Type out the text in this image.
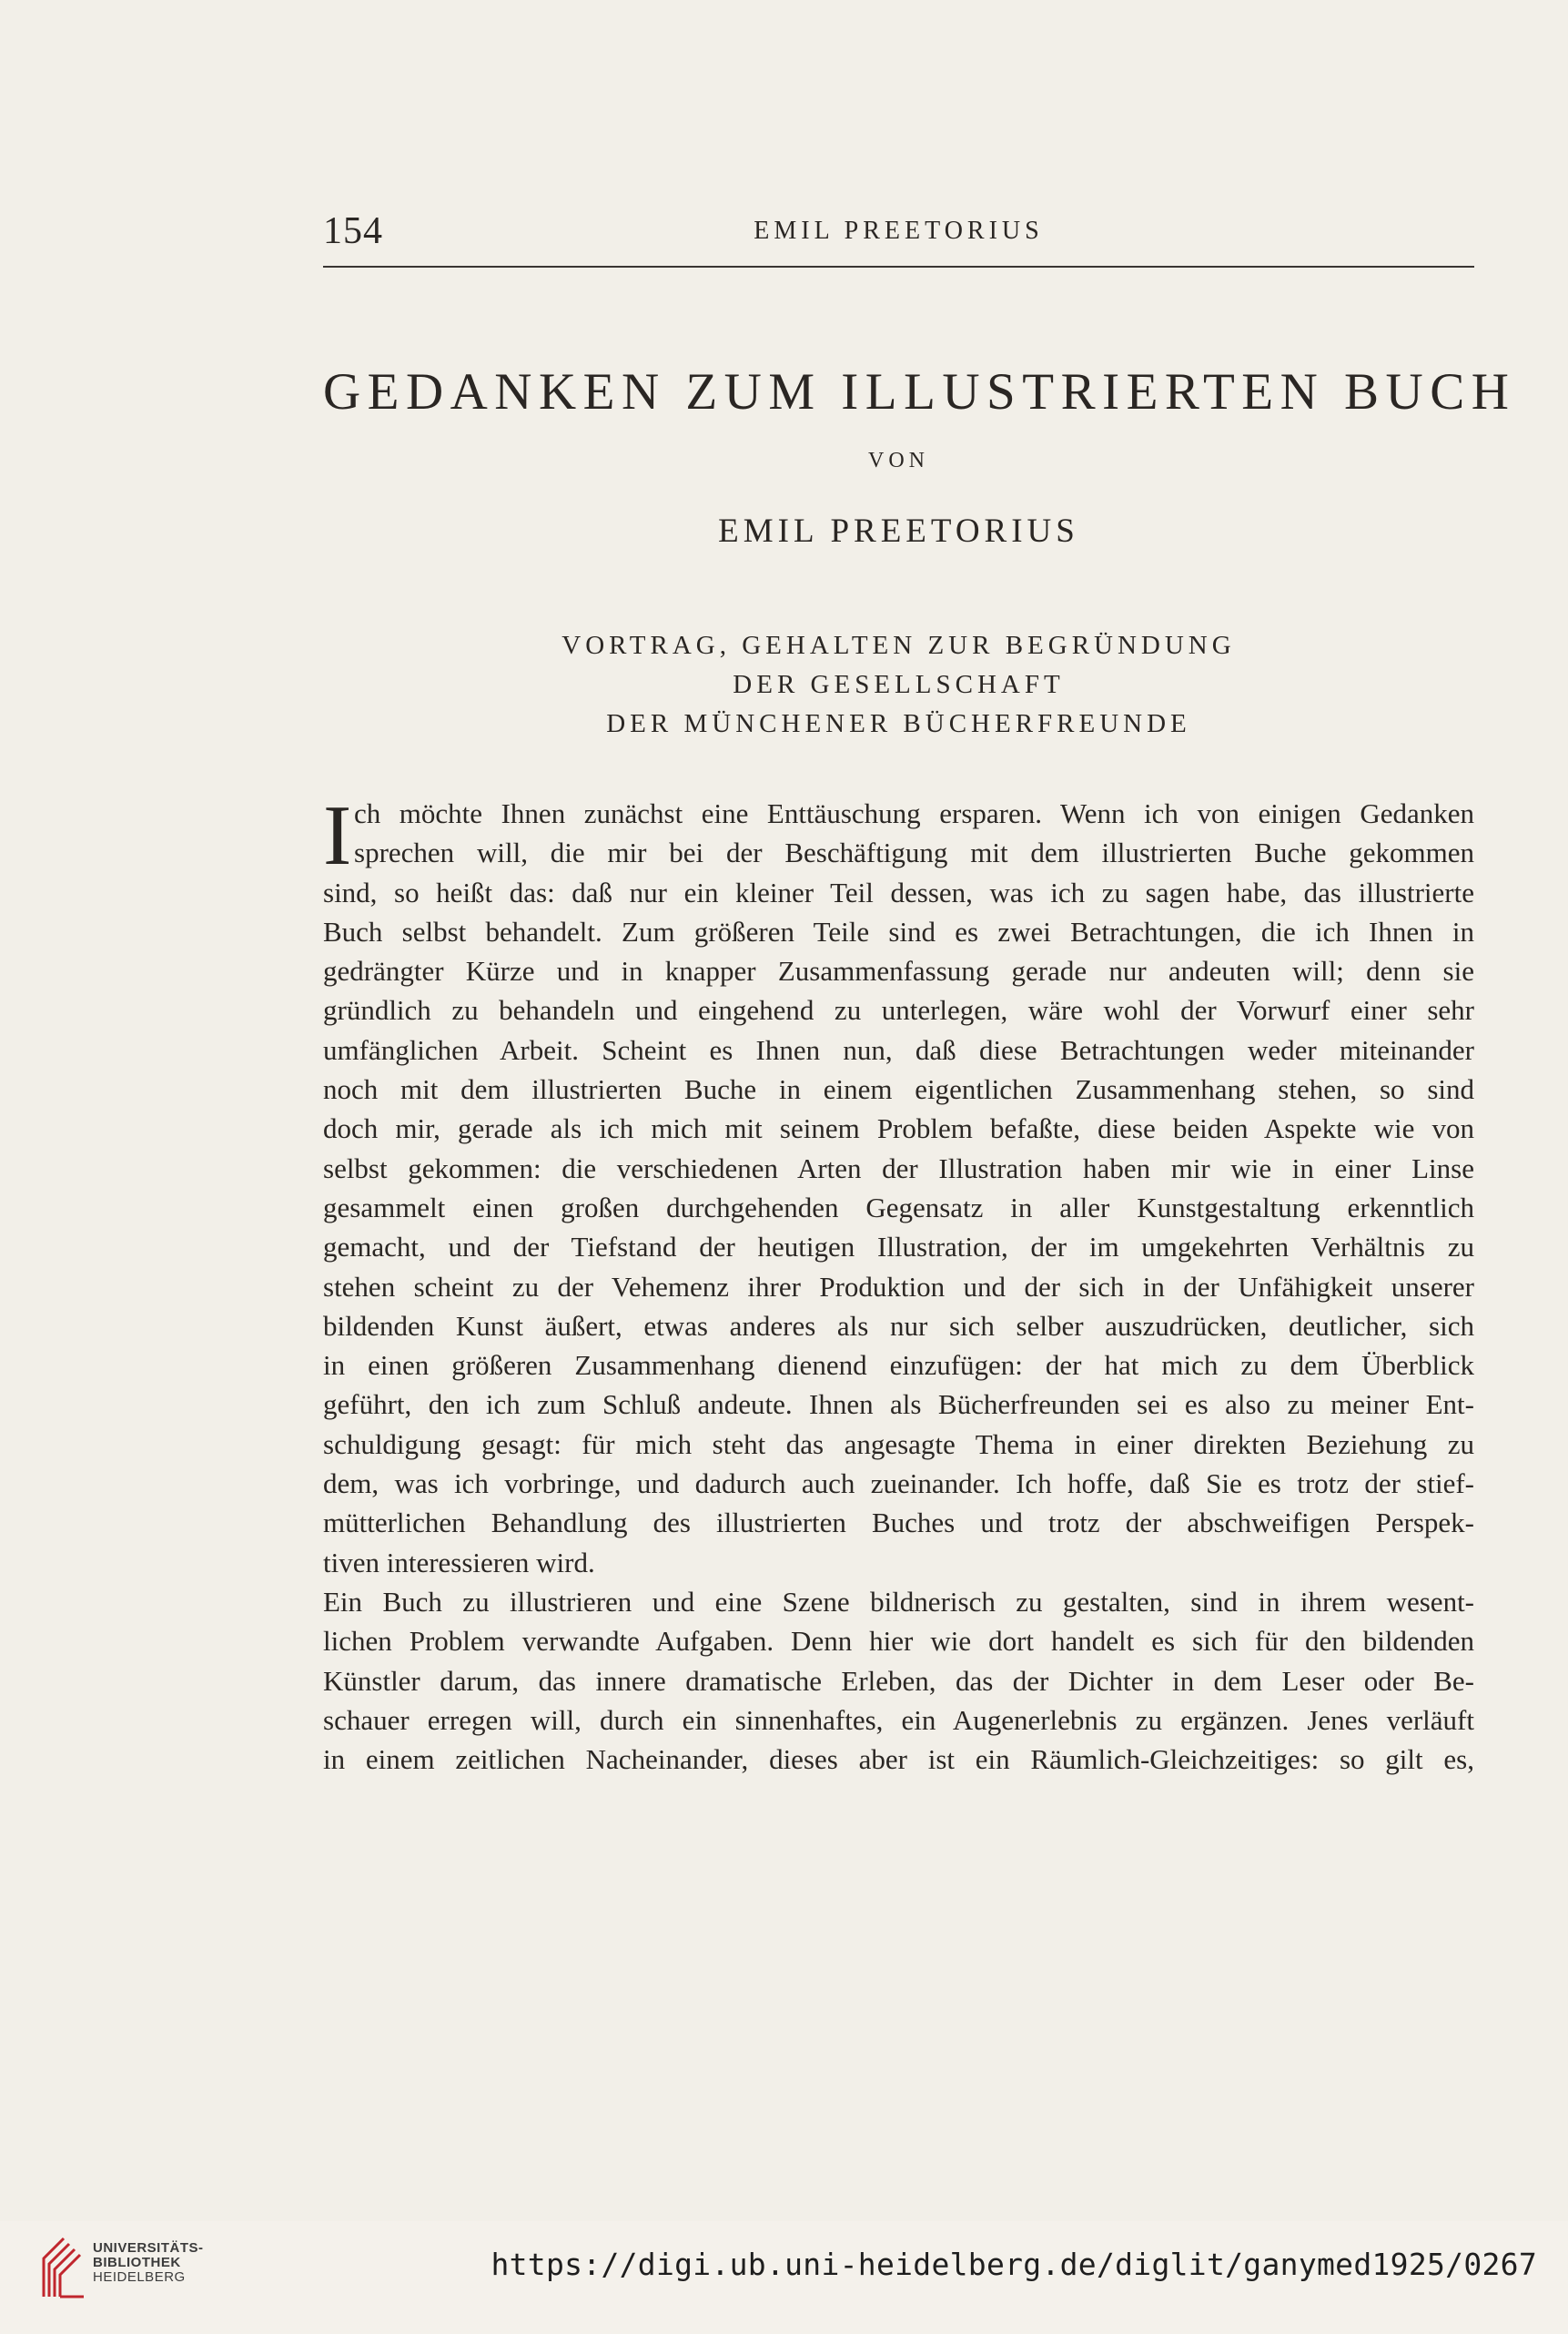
154	EMIL PREETORIUS
GEDANKEN ZUM ILLUSTRIERTEN BUCH
VON
EMIL PREETORIUS
VORTRAG, GEHALTEN ZUR BEGRÜNDUNG
DER GESELLSCHAFT
DER MÜNCHENER BÜCHERFREUNDE
I ch möchte Ihnen zunächst eine Enttäuschung ersparen. Wenn ich von einigen Gedanken
sprechen will, die mir bei der Beschäftigung mit dem illustrierten Buche gekommen
sind, so heißt das: daß nur ein kleiner Teil dessen, was ich zu sagen habe, das illustrierte
Buch selbst behandelt. Zum größeren Teile sind es zwei Betrachtungen, die ich Ihnen in
gedrängter Kürze und in knapper Zusammenfassung gerade nur andeuten will; denn sie
gründlich zu behandeln und eingehend zu unterlegen, wäre wohl der Vorwurf einer sehr
umfänglichen Arbeit. Scheint es Ihnen nun, daß diese Betrachtungen weder miteinander
noch mit dem illustrierten Buche in einem eigentlichen Zusammenhang stehen, so sind
doch mir, gerade als ich mich mit seinem Problem befaßte, diese beiden Aspekte wie von
selbst gekommen: die verschiedenen Arten der Illustration haben mir wie in einer Linse
gesammelt einen großen durchgehenden Gegensatz in aller Kunstgestaltung erkenntlich
gemacht, und der Tiefstand der heutigen Illustration, der im umgekehrten Verhältnis zu
stehen scheint zu der Vehemenz ihrer Produktion und der sich in der Unfähigkeit unserer
bildenden Kunst äußert, etwas anderes als nur sich selber auszudrücken, deutlicher, sich
in einen größeren Zusammenhang dienend einzufügen: der hat mich zu dem Überblick
geführt, den ich zum Schluß andeute. Ihnen als Bücherfreunden sei es also zu meiner Ent-
schuldigung gesagt: für mich steht das angesagte Thema in einer direkten Beziehung zu
dem, was ich vorbringe, und dadurch auch zueinander. Ich hoffe, daß Sie es trotz der stief-
mütterlichen Behandlung des illustrierten Buches und trotz der abschweifigen Perspek-
tiven interessieren wird.
Ein Buch zu illustrieren und eine Szene bildnerisch zu gestalten, sind in ihrem wesent-
lichen Problem verwandte Aufgaben. Denn hier wie dort handelt es sich für den bildenden
Künstler darum, das innere dramatische Erleben, das der Dichter in dem Leser oder Be-
schauer erregen will, durch ein sinnenhaftes, ein Augenerlebnis zu ergänzen. Jenes verläuft
in einem zeitlichen Nacheinander, dieses aber ist ein Räumlich-Gleichzeitiges: so gilt es,
UNIVERSITÄTS-
BIBLIOTHEK
HEIDELBERG	https://digi.ub.uni-heidelberg.de/diglit/ganymed1925/0267
